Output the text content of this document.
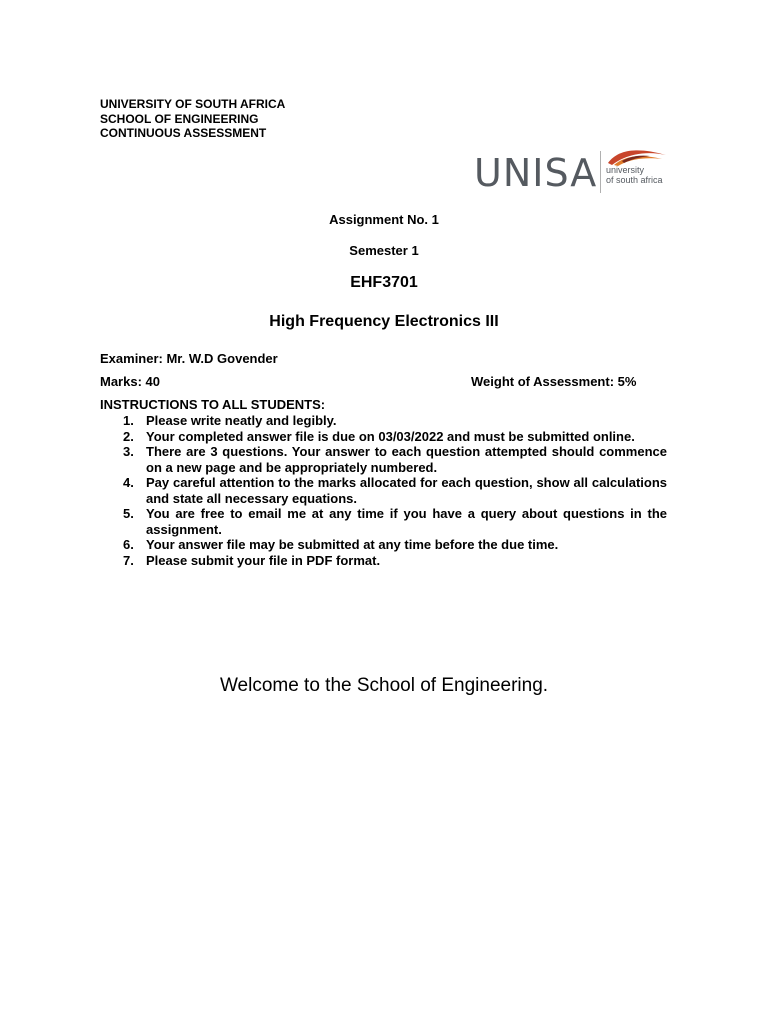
UNIVERSITY OF SOUTH AFRICA
SCHOOL OF ENGINEERING
CONTINUOUS ASSESSMENT
UNISA university
of south africa
Assignment No. 1
Semester 1
EHF3701
High Frequency Electronics III
Examiner: Mr. W.D Govender
Marks: 40	Weight of Assessment: 5%
INSTRUCTIONS TO ALL STUDENTS:
1. Please write neatly and legibly.
2. Your completed answer file is due on 03/03/2022 and must be submitted online.
3. There are 3 questions. Your answer to each question attempted should commence on a new page and be appropriately numbered.
4. Pay careful attention to the marks allocated for each question, show all calculations and state all necessary equations.
5. You are free to email me at any time if you have a query about questions in the assignment.
6. Your answer file may be submitted at any time before the due time.
7. Please submit your file in PDF format.
Welcome to the School of Engineering.
